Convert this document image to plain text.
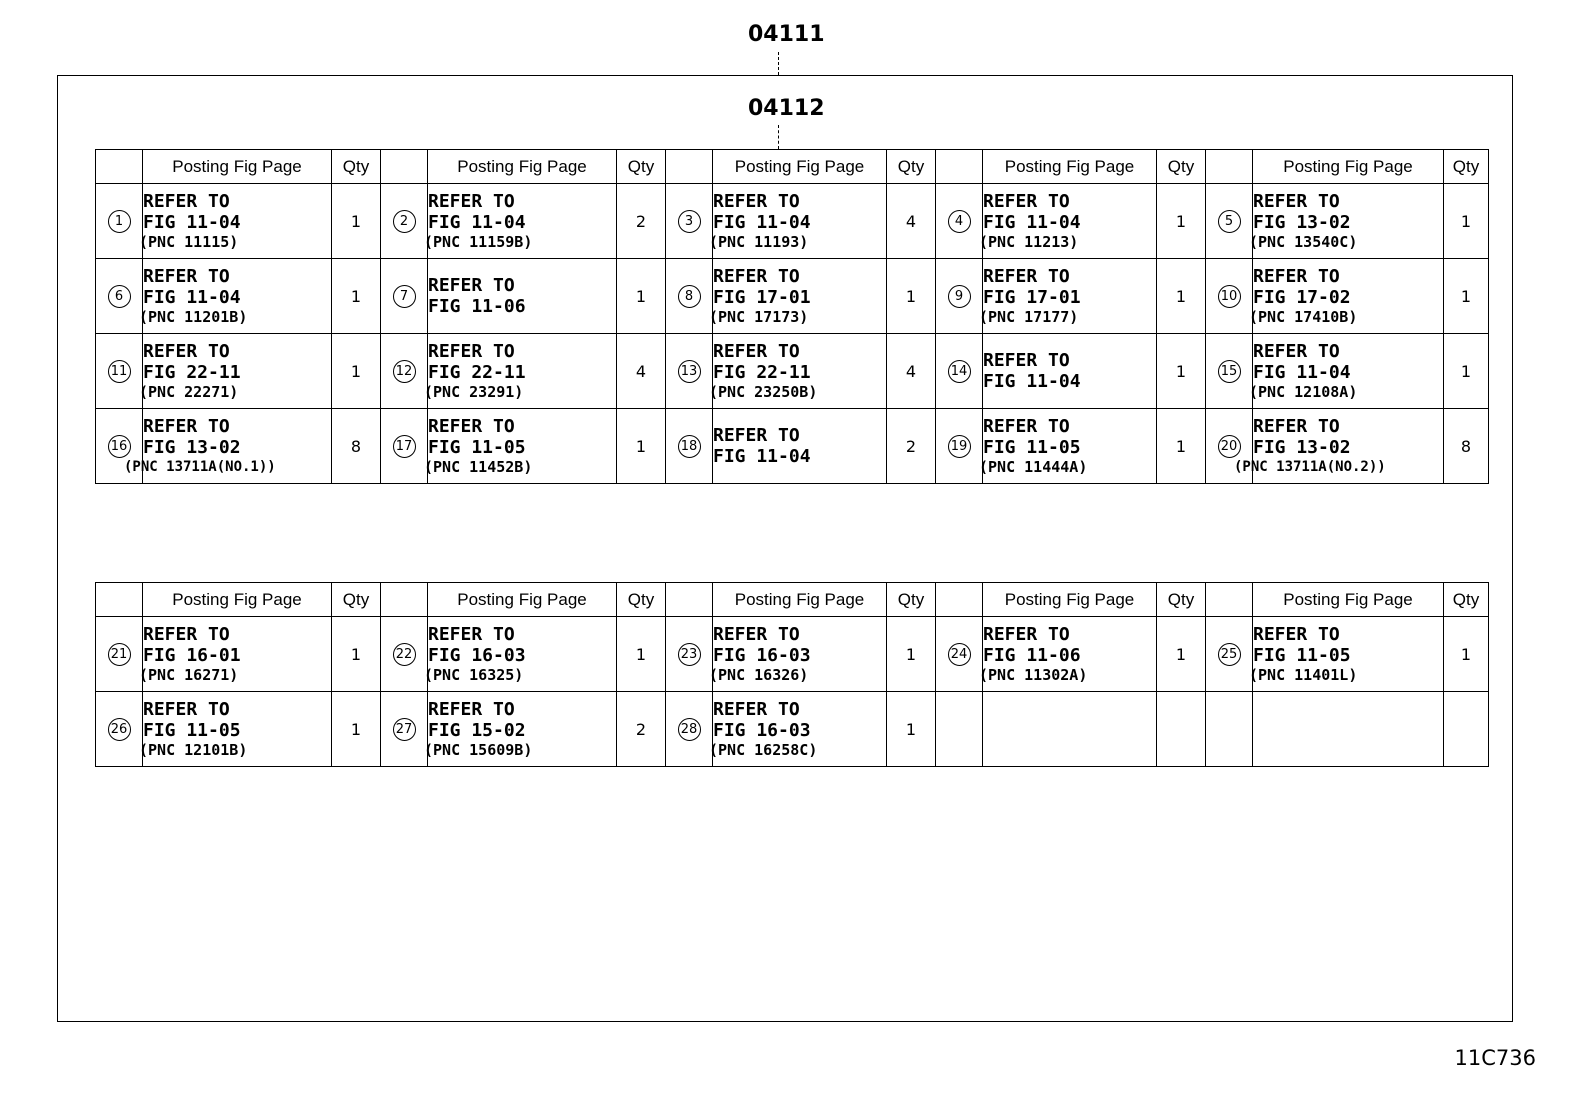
04111
04112
	Posting Fig Page	Qty		Posting Fig Page	Qty		Posting Fig Page	Qty		Posting Fig Page	Qty		Posting Fig Page	Qty
1	REFER TO
FIG 11-04
(PNC 11115)	1	2	REFER TO
FIG 11-04
(PNC 11159B)	2	3	REFER TO
FIG 11-04
(PNC 11193)	4	4	REFER TO
FIG 11-04
(PNC 11213)	1	5	REFER TO
FIG 13-02
(PNC 13540C)	1
6	REFER TO
FIG 11-04
(PNC 11201B)	1	7	REFER TO
FIG 11-06	1	8	REFER TO
FIG 17-01
(PNC 17173)	1	9	REFER TO
FIG 17-01
(PNC 17177)	1	10	REFER TO
FIG 17-02
(PNC 17410B)	1
11	REFER TO
FIG 22-11
(PNC 22271)	1	12	REFER TO
FIG 22-11
(PNC 23291)	4	13	REFER TO
FIG 22-11
(PNC 23250B)	4	14	REFER TO
FIG 11-04	1	15	REFER TO
FIG 11-04
(PNC 12108A)	1
16	REFER TO
FIG 13-02
(PNC 13711A(NO.1))	8	17	REFER TO
FIG 11-05
(PNC 11452B)	1	18	REFER TO
FIG 11-04	2	19	REFER TO
FIG 11-05
(PNC 11444A)	1	20	REFER TO
FIG 13-02
(PNC 13711A(NO.2))	8
	Posting Fig Page	Qty		Posting Fig Page	Qty		Posting Fig Page	Qty		Posting Fig Page	Qty		Posting Fig Page	Qty
21	REFER TO
FIG 16-01
(PNC 16271)	1	22	REFER TO
FIG 16-03
(PNC 16325)	1	23	REFER TO
FIG 16-03
(PNC 16326)	1	24	REFER TO
FIG 11-06
(PNC 11302A)	1	25	REFER TO
FIG 11-05
(PNC 11401L)	1
26	REFER TO
FIG 11-05
(PNC 12101B)	1	27	REFER TO
FIG 15-02
(PNC 15609B)	2	28	REFER TO
FIG 16-03
(PNC 16258C)	1						
11C736
